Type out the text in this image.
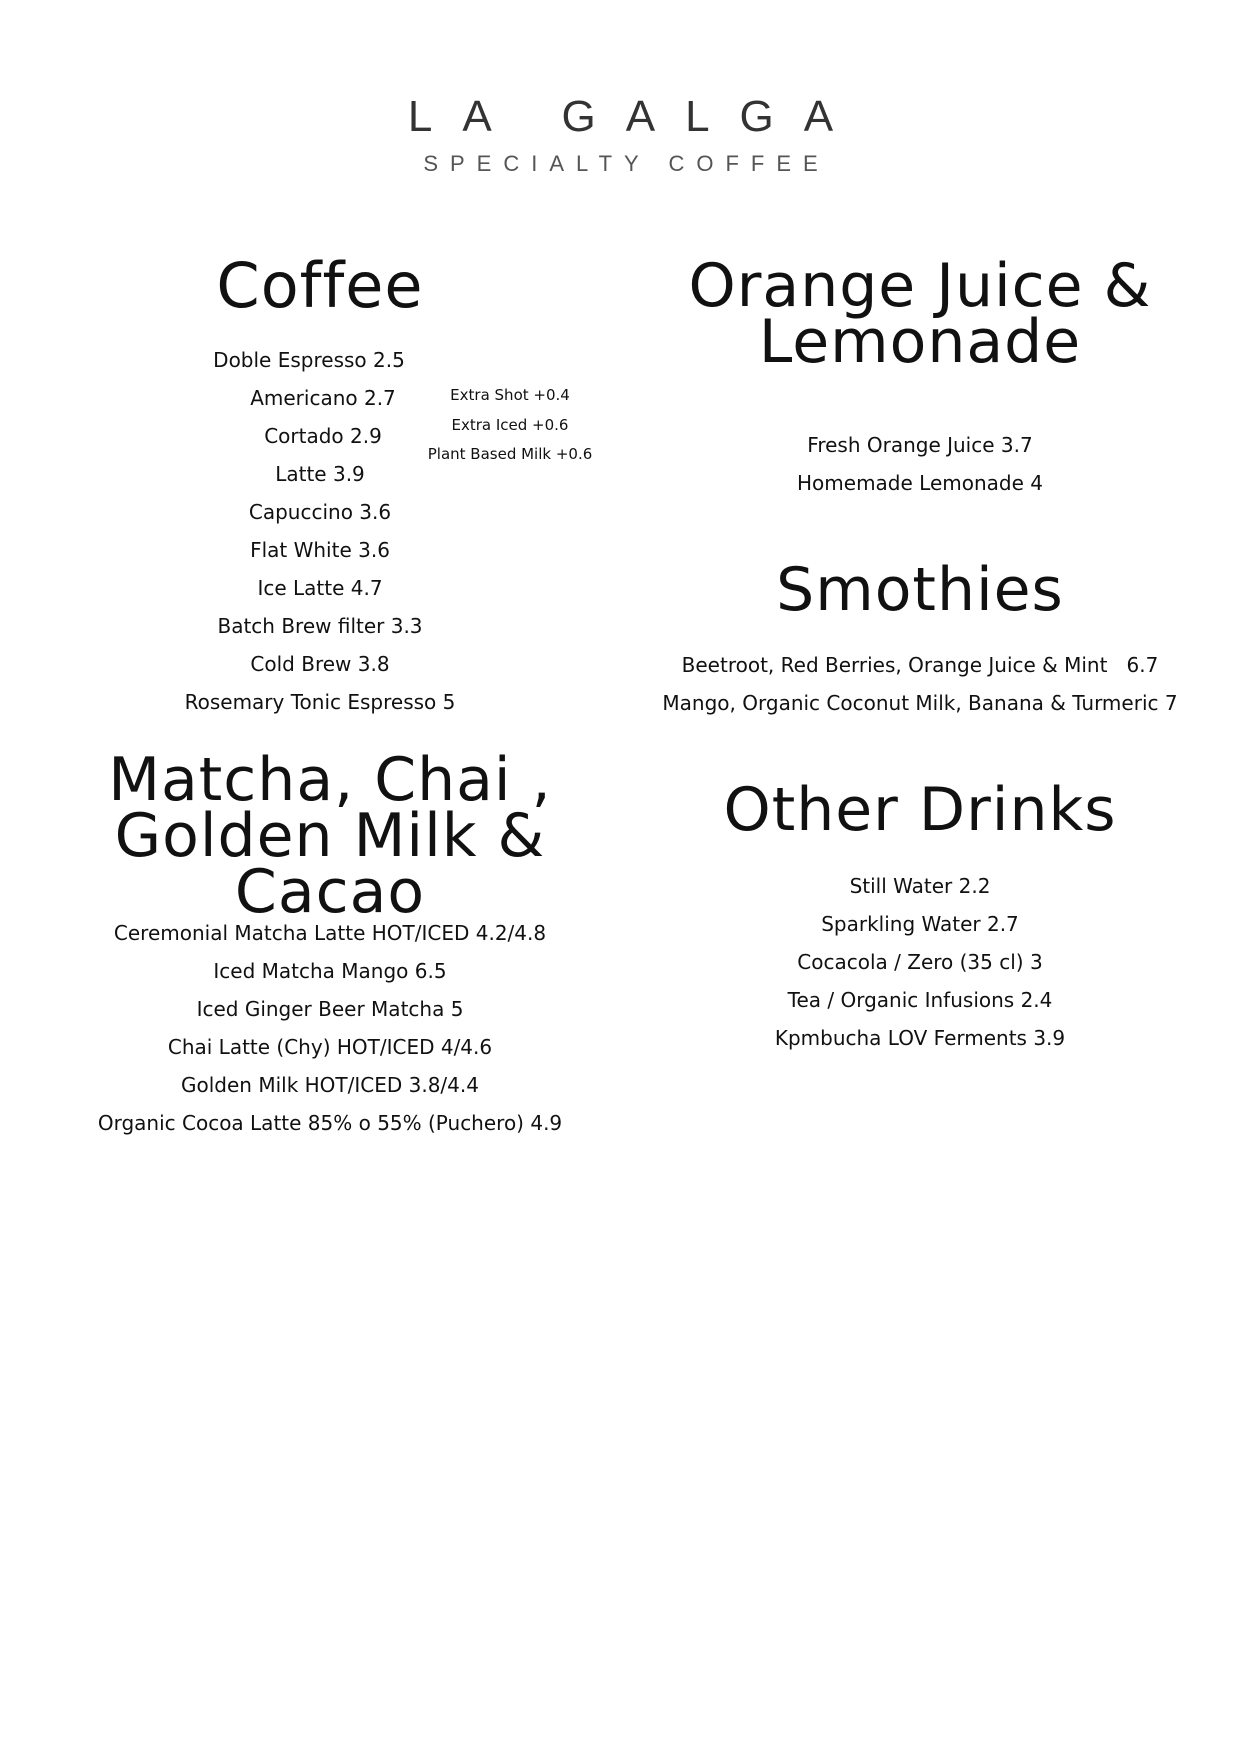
LA GALGA
SPECIALTY COFFEE
Coffee
Doble Espresso 2.5
Americano 2.7
Cortado 2.9
Latte 3.9
Capuccino 3.6
Flat White 3.6
Ice Latte 4.7
Batch Brew filter 3.3
Cold Brew 3.8
Rosemary Tonic Espresso 5
Extra Shot +0.4
Extra Iced +0.6
Plant Based Milk +0.6
Orange Juice &
Lemonade
Fresh Orange Juice 3.7
Homemade Lemonade 4
Smothies
Beetroot, Red Berries, Orange Juice & Mint   6.7
Mango, Organic Coconut Milk, Banana & Turmeric 7
Matcha, Chai ,
Golden Milk & Cacao
Ceremonial Matcha Latte HOT/ICED 4.2/4.8
Iced Matcha Mango 6.5
Iced Ginger Beer Matcha 5
Chai Latte (Chy) HOT/ICED 4/4.6
Golden Milk HOT/ICED 3.8/4.4
Organic Cocoa Latte 85% o 55% (Puchero) 4.9
Other Drinks
Still Water 2.2
Sparkling Water 2.7
Cocacola / Zero (35 cl) 3
Tea / Organic Infusions 2.4
Kpmbucha LOV Ferments 3.9
